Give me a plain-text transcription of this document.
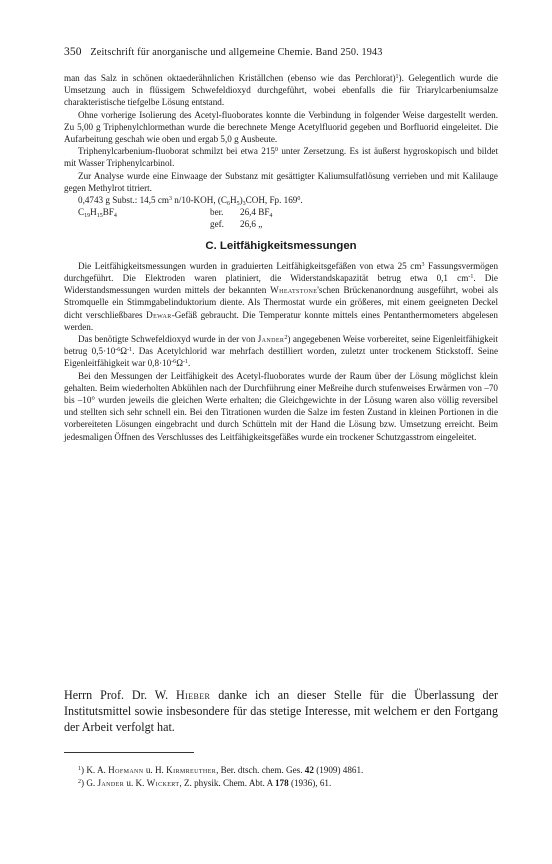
350 Zeitschrift für anorganische und allgemeine Chemie. Band 250. 1943

man das Salz in schönen oktaederähnlichen Kriställchen (ebenso wie das Perchlorat)$^1$). Gelegentlich wurde die Umsetzung auch in flüssigem Schwefeldioxyd durchgeführt, wobei ebenfalls die für Triarylcarbeniumsalze charakteristische tiefgelbe Lösung entstand.

Ohne vorherige Isolierung des Acetyl-fluoborates konnte die Verbindung in folgender Weise dargestellt werden. Zu 5,00 g Triphenylchlormethan wurde die berechnete Menge Acetylfluorid gegeben und Borfluorid eingeleitet. Die Aufarbeitung geschah wie oben und ergab 5,0 g Ausbeute.

Triphenylcarbenium-fluoborat schmilzt bei etwa $215^0$ unter Zersetzung. Es ist äußerst hygroskopisch und bildet mit Wasser Triphenylcarbinol.

Zur Analyse wurde eine Einwaage der Substanz mit gesättigter Kaliumsulfatlösung verrieben und mit Kalilauge gegen Methylrot titriert.

0,4743 g Subst.: 14,5 $cm^3$ n/10-KOH, $(C_6H_5)_3COH$, Fp. $169^0$.
$C_{19}H_{15}BF_4$	ber. 26,4 $BF_4$
gef. 26,6 „
C. Leitfähigkeitsmessungen

Die Leitfähigkeitsmessungen wurden in graduierten Leitfähigkeitsgefäßen von etwa 25 $cm^3$ Fassungsvermögen durchgeführt. Die Elektroden waren platiniert, die Widerstandskapazität betrug etwa 0,1 $cm^{-1}$. Die Widerstandsmessungen wurden mittels der bekannten Wheatstone'schen Brückenanordnung ausgeführt, wobei als Stromquelle ein Stimmgabelinduktorium diente. Als Thermostat wurde ein größeres, mit einem geeigneten Deckel dicht verschließbares Dewar-Gefäß gebraucht. Die Temperatur konnte mittels eines Pentanthermometers abgelesen werden.

Das benötigte Schwefeldioxyd wurde in der von Jander$^2$) angegebenen Weise vorbereitet, seine Eigenleitfähigkeit betrug $0,5\cdot 10^{-6}\Omega^{-1}$. Das Acetylchlorid war mehrfach destilliert worden, zuletzt unter trockenem Stickstoff. Seine Eigenleitfähigkeit war $0,8\cdot 10^{-6}\Omega^{-1}$.

Bei den Messungen der Leitfähigkeit des Acetyl-fluoborates wurde der Raum über der Lösung möglichst klein gehalten. Beim wiederholten Abkühlen nach der Durchführung einer Meßreihe durch stufenweises Erwärmen von –70 bis –10° wurden jeweils die gleichen Werte erhalten; die Gleichgewichte in der Lösung waren also völlig reversibel und stellten sich sehr schnell ein. Bei den Titrationen wurden die Salze im festen Zustand in kleinen Portionen in die vorbereiteten Lösungen eingebracht und durch Schütteln mit der Hand die Lösung bzw. Umsetzung erreicht. Beim jedesmaligen Öffnen des Verschlusses des Leitfähigkeitsgefäßes wurde ein trockener Schutzgasstrom eingeleitet.

Herrn Prof. Dr. W. Hieber danke ich an dieser Stelle für die Überlassung der Institutsmittel sowie insbesondere für das stetige Interesse, mit welchem er den Fortgang der Arbeit verfolgt hat.

$^1$) K. A. Hofmann u. H. Kirmreuther, Ber. dtsch. chem. Ges. 42 (1909) 4861.

$^2$) G. Jander u. K. Wickert, Z. physik. Chem. Abt. A 178 (1936), 61.
